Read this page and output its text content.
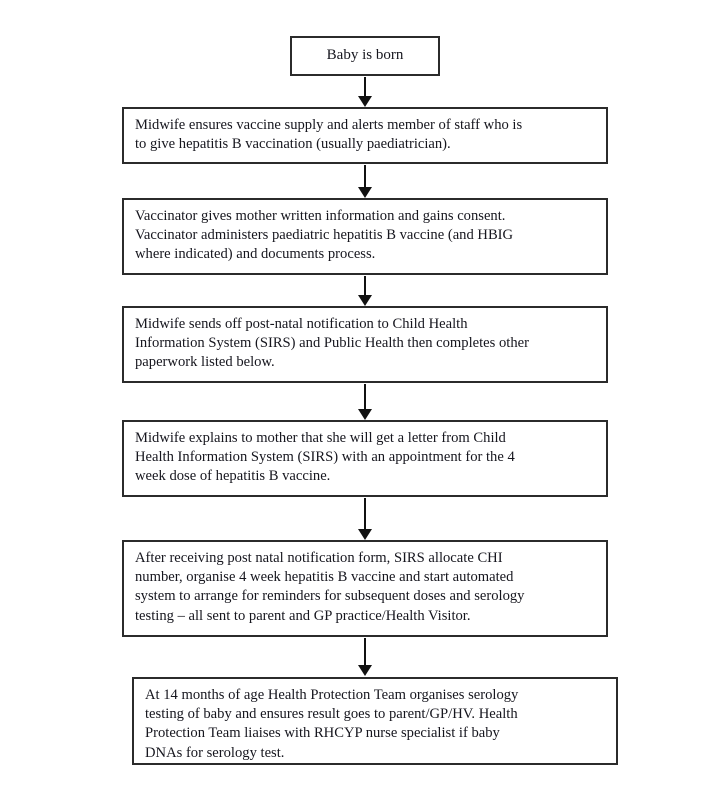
Baby is born
Midwife ensures vaccine supply and alerts member of staff who is
to give hepatitis B vaccination (usually paediatrician).
Vaccinator gives mother written information and gains consent.
Vaccinator administers paediatric hepatitis B vaccine (and HBIG
where indicated) and documents process.
Midwife sends off post-natal notification to Child Health
Information System (SIRS) and Public Health then completes other
paperwork listed below.
Midwife explains to mother that she will get a letter from Child
Health Information System (SIRS) with an appointment for the 4
week dose of hepatitis B vaccine.
After receiving post natal notification form, SIRS allocate CHI
number, organise 4 week hepatitis B vaccine and start automated
system to arrange for reminders for subsequent doses and serology
testing – all sent to parent and GP practice/Health Visitor.
At 14 months of age Health Protection Team organises serology
testing of baby and ensures result goes to parent/GP/HV. Health
Protection Team liaises with RHCYP nurse specialist if baby
DNAs for serology test.
